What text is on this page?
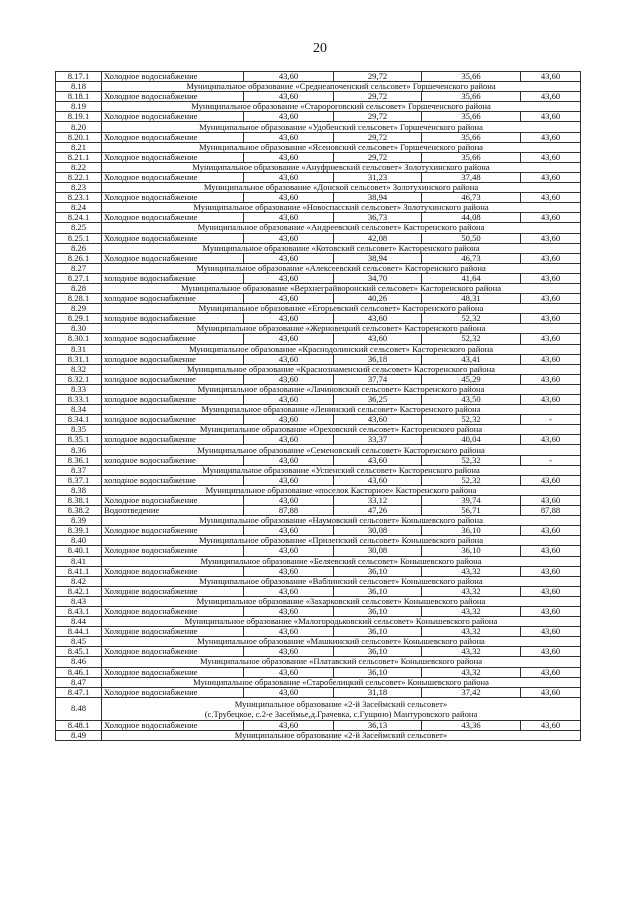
20
8.17.1	Холодное водоснабжение	43,60	29,72	35,66	43,60
8.18	Муниципальное образование «Среднеапоченский сельсовет» Горшеченского района				

8.18.1	Холодное водоснабжение	43,60	29,72	35,66	43,60
8.19	Муниципальное образование «Старороговский сельсовет» Горшеченского района				

8.19.1	Холодное водоснабжение	43,60	29,72	35,66	43,60
8.20	Муниципальное образование «Удобенский сельсовет» Горшеченского района				

8.20.1	Холодное водоснабжение	43,60	29,72	35,66	43,60
8.21	Муниципальное образование «Ясеновский сельсовет» Горшеченского района				

8.21.1	Холодное водоснабжение	43,60	29,72	35,66	43,60
8.22	Муниципальное образование «Ануфриевский сельсовет» Золотухинского района				

8.22.1	Холодное водоснабжение	43,60	31,23	37,48	43,60
8.23	Муниципальное образование «Донской сельсовет» Золотухинского района				

8.23.1	Холодное водоснабжение	43,60	38,94	46,73	43,60
8.24	Муниципальное образование «Новоспасский сельсовет» Золотухинского района				

8.24.1	Холодное водоснабжение	43,60	36,73	44,08	43,60
8.25	Муниципальное образование «Андреевский сельсовет» Касторенского района				

8.25.1	Холодное водоснабжение	43,60	42,08	50,50	43,60
8.26	Муниципальное образование «Котовский сельсовет» Касторенского района				

8.26.1	Холодное водоснабжение	43,60	38,94	46,73	43,60
8.27	Муниципальное образование «Алексеевский сельсовет» Касторенского района				

8.27.1	холодное водоснабжение	43,60	34,70	41,64	43,60
8.28	Муниципальное образование «Верхнеграйворонский сельсовет» Касторенского района				

8.28.1	холодное водоснабжение	43,60	40,26	48,31	43,60
8.29	Муниципальное образование «Егорьевский сельсовет» Касторенского района				

8.29.1	холодное водоснабжение	43,60	43,60	52,32	43,60
8.30	Муниципальное образование «Жерновецкий сельсовет» Касторенского района				

8.30.1	холодное водоснабжение	43,60	43,60	52,32	43,60
8.31	Муниципальное образование «Краснодолинский сельсовет» Касторенского района				

8.31.1	холодное водоснабжение	43,60	36,18	43,41	43,60
8.32	Муниципальное образование «Краснознаменский сельсовет» Касторенского района				

8.32.1	холодное водоснабжение	43,60	37,74	45,29	43,60
8.33	Муниципальное образование «Лачиновский сельсовет» Касторенского района				

8.33.1	холодное водоснабжение	43,60	36,25	43,50	43,60
8.34	Муниципальное образование «Ленинский сельсовет» Касторенского района				

8.34.1	холодное водоснабжение	43,60	43,60	52,32	-
8.35	Муниципальное образование «Ореховский сельсовет» Касторенского района				

8.35.1	холодное водоснабжение	43,60	33,37	40,04	43,60
8.36	Муниципальное образование «Семеновский сельсовет» Касторенского района				

8.36.1	холодное водоснабжение	43,60	43,60	52,32	-
8.37	Муниципальное образование «Успенский сельсовет» Касторенского района				

8.37.1	холодное водоснабжение	43,60	43,60	52,32	43,60
8.38	Муниципальное образование «поселок Касторное» Касторенского района				

8.38.1	Холодное водоснабжение	43,60	33,12	39,74	43,60
8.38.2	Водоотведение	87,88	47,26	56,71	87,88
8.39	Муниципальное образование «Наумовский сельсовет» Конышевского района				

8.39.1	Холодное водоснабжение	43,60	30,08	36,10	43,60
8.40	Муниципальное образование «Прилепский сельсовет» Конышевского района				

8.40.1	Холодное водоснабжение	43,60	30,08	36,10	43,60
8.41	Муниципальное образование «Беляевский сельсовет» Конышевского района				

8.41.1	Холодное водоснабжение	43,60	36,10	43,32	43,60
8.42	Муниципальное образование «Ваблинский сельсовет» Конышевского района				

8.42.1	Холодное водоснабжение	43,60	36,10	43,32	43,60
8.43	Муниципальное образование «Захарковский сельсовет» Конышевского района				

8.43.1	Холодное водоснабжение	43,60	36,10	43,32	43,60
8.44	Муниципальное образование «Малогородьковский сельсовет» Конышевского района				

8.44.1	Холодное водоснабжение	43,60	36,10	43,32	43,60
8.45	Муниципальное образование «Машкинский сельсовет» Конышевского района				

8.45.1	Холодное водоснабжение	43,60	36,10	43,32	43,60
8.46	Муниципальное образование «Платавский сельсовет» Конышевского района				

8.46.1	Холодное водоснабжение	43,60	36,10	43,32	43,60
8.47	Муниципальное образование «Старобелицкий сельсовет» Конышевского района				

8.47.1	Холодное водоснабжение	43,60	31,18	37,42	43,60
8.48	Муниципальное образование «2-й Засеймский сельсовет»
(с.Трубецкое, с.2-е Засеймье,д.Грачевка, с.Гущино) Мантуровского района				

8.48.1	Холодное водоснабжение	43,60	36,13	43,36	43,60
8.49	Муниципальное образование «2-й Засеймский сельсовет»				
